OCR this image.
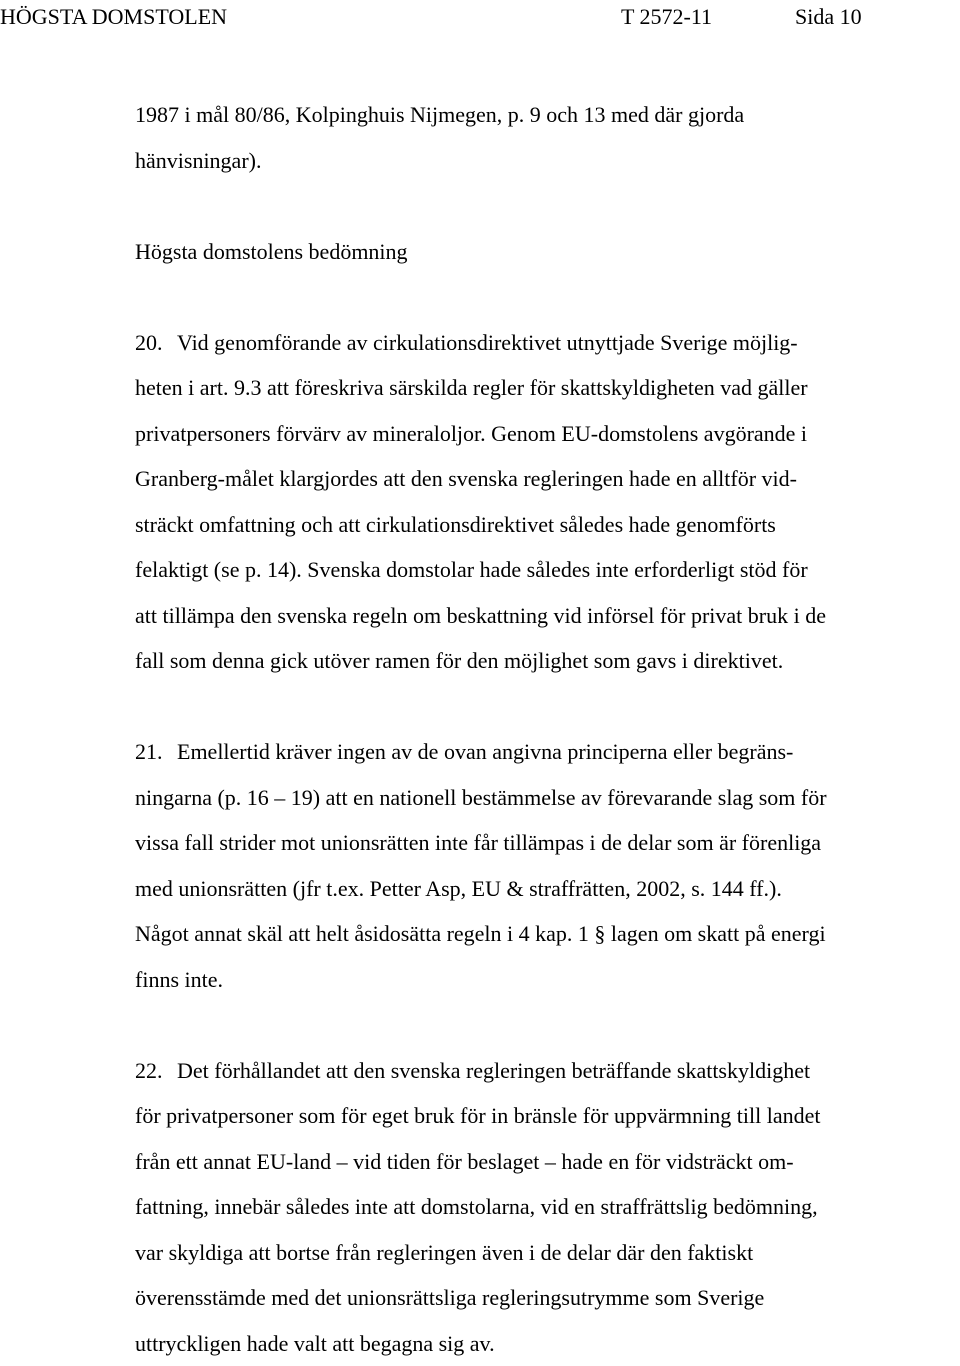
HÖGSTA DOMSTOLEN	T 2572-11	Sida 10
1987 i mål 80/86, Kolpinghuis Nijmegen, p. 9 och 13 med där gjorda
hänvisningar).
Högsta domstolens bedömning
20. Vid genomförande av cirkulationsdirektivet utnyttjade Sverige möjlig-
heten i art. 9.3 att föreskriva särskilda regler för skattskyldigheten vad gäller
privatpersoners förvärv av mineraloljor. Genom EU-domstolens avgörande i
Granberg-målet klargjordes att den svenska regleringen hade en alltför vid-
sträckt omfattning och att cirkulationsdirektivet således hade genomförts
felaktigt (se p. 14). Svenska domstolar hade således inte erforderligt stöd för
att tillämpa den svenska regeln om beskattning vid införsel för privat bruk i de
fall som denna gick utöver ramen för den möjlighet som gavs i direktivet.
21. Emellertid kräver ingen av de ovan angivna principerna eller begräns-
ningarna (p. 16 – 19) att en nationell bestämmelse av förevarande slag som för
vissa fall strider mot unionsrätten inte får tillämpas i de delar som är förenliga
med unionsrätten (jfr t.ex. Petter Asp, EU & straffrätten, 2002, s. 144 ff.).
Något annat skäl att helt åsidosätta regeln i 4 kap. 1 § lagen om skatt på energi
finns inte.
22. Det förhållandet att den svenska regleringen beträffande skattskyldighet
för privatpersoner som för eget bruk för in bränsle för uppvärmning till landet
från ett annat EU-land – vid tiden för beslaget – hade en för vidsträckt om-
fattning, innebär således inte att domstolarna, vid en straffrättslig bedömning,
var skyldiga att bortse från regleringen även i de delar där den faktiskt
överensstämde med det unionsrättsliga regleringsutrymme som Sverige
uttryckligen hade valt att begagna sig av.
